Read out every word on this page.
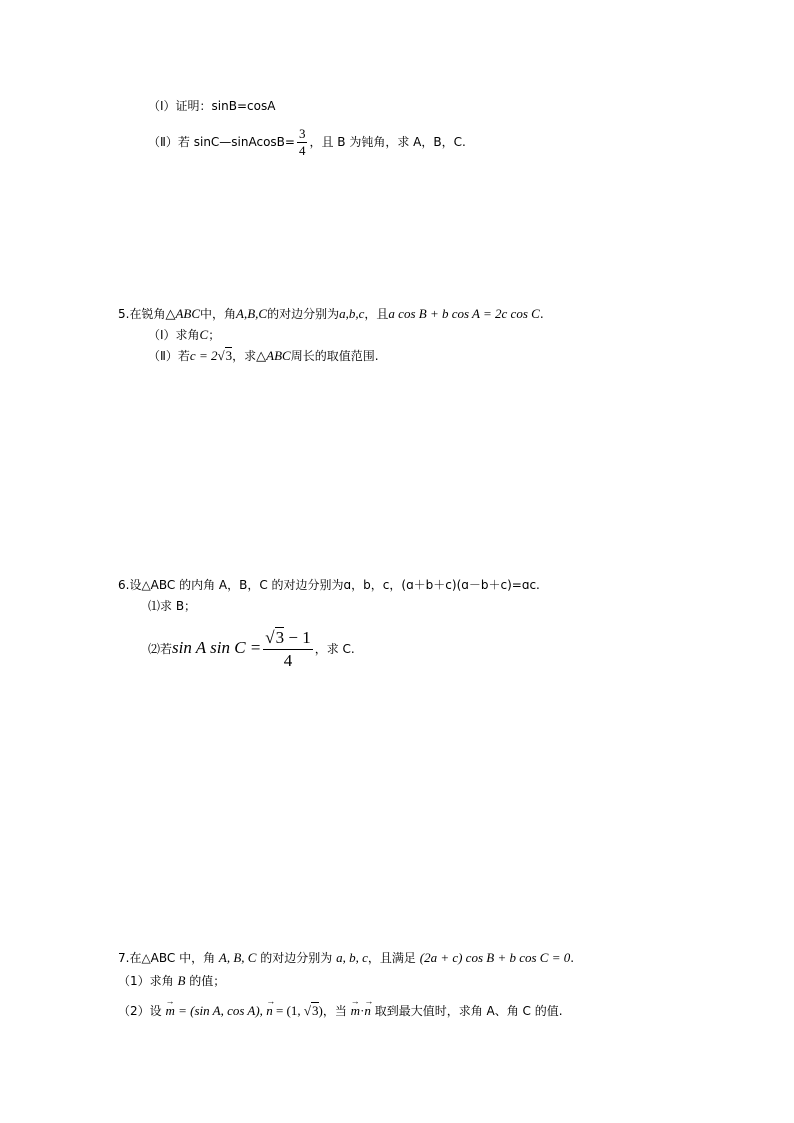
（Ⅰ）证明：sinB=cosA
（Ⅱ）若 sinC—sinAcosB= $\frac{3}{4}$ ，且 B 为钝角，求 A，B，C.
5.在锐角△ABC中，角A,B,C的对边分别为a,b,c，且a cos B + b cos A = 2c cos C.
（Ⅰ）求角C；
（Ⅱ）若c = 2√3，求△ABC周长的取值范围.
6.设△ABC 的内角 A，B，C 的对边分别为ɑ，b，c，(ɑ＋b＋c)(ɑ－b＋c)=ɑc.
⑴求 B；
⑵若sin A $\sin C = \frac{√3 - 1}{4}$ ，求 C.
7.在△ABC 中，角 A, B, C 的对边分别为 a, b, c，且满足 (2a + c) cos B + b cos C = 0.
（1）求角 B 的值；
（2）设 → m = (sin A, cos A), → n = (1, √3)，当 → m·→ n 取到最大值时，求角 A、角 C 的值.
